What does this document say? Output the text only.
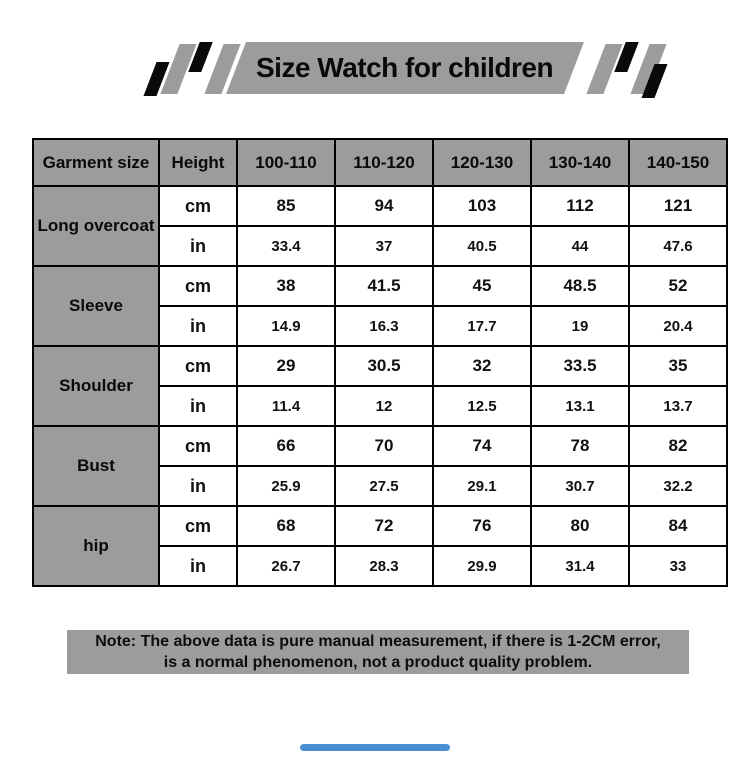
Size Watch for children
Garment size	Height	100-110	110-120	120-130	130-140	140-150
Long overcoat	cm	85	94	103	112	121
	in	33.4	37	40.5	44	47.6
Sleeve	cm	38	41.5	45	48.5	52
	in	14.9	16.3	17.7	19	20.4
Shoulder	cm	29	30.5	32	33.5	35
	in	11.4	12	12.5	13.1	13.7
Bust	cm	66	70	74	78	82
	in	25.9	27.5	29.1	30.7	32.2
hip	cm	68	72	76	80	84
	in	26.7	28.3	29.9	31.4	33
Note: The above data is pure manual measurement, if there is 1-2CM error,
is a normal phenomenon, not a product quality problem.
